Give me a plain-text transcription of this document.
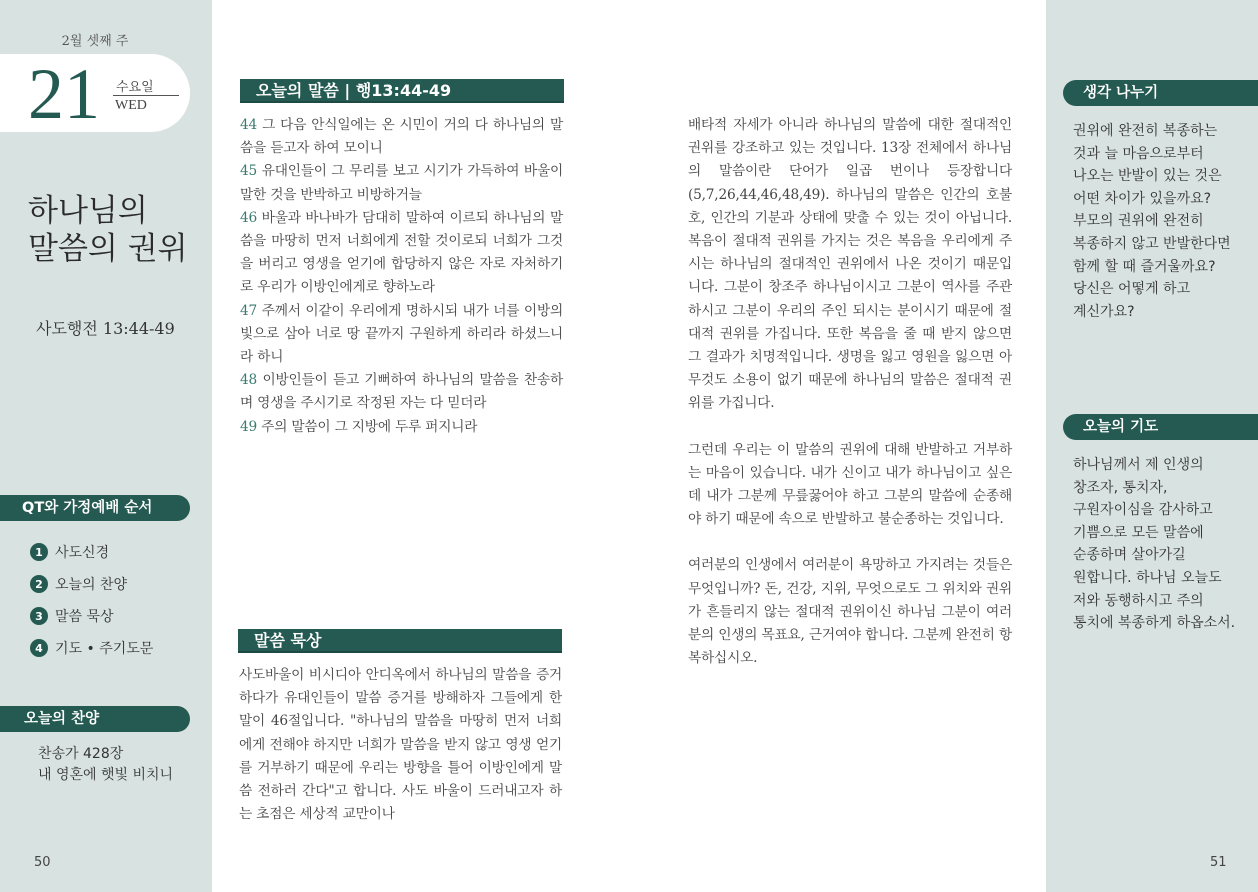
2월 셋째 주
21 수요일
WED
하나님의
말씀의 권위
사도행전 13:44-49
QT와 가정예배 순서
1 사도신경
2 오늘의 찬양
3 말씀 묵상
4 기도 • 주기도문
오늘의 찬양
찬송가 428장
내 영혼에 햇빛 비치니
50
오늘의 말씀 | 행13:44-49
44 그 다음 안식일에는 온 시민이 거의 다 하나님의 말씀을 듣고자 하여 모이니
45 유대인들이 그 무리를 보고 시기가 가득하여 바울이 말한 것을 반박하고 비방하거늘
46 바울과 바나바가 담대히 말하여 이르되 하나님의 말씀을 마땅히 먼저 너희에게 전할 것이로되 너희가 그것을 버리고 영생을 얻기에 합당하지 않은 자로 자처하기로 우리가 이방인에게로 향하노라
47 주께서 이같이 우리에게 명하시되 내가 너를 이방의 빛으로 삼아 너로 땅 끝까지 구원하게 하리라 하셨느니라 하니
48 이방인들이 듣고 기뻐하여 하나님의 말씀을 찬송하며 영생을 주시기로 작정된 자는 다 믿더라
49 주의 말씀이 그 지방에 두루 퍼지니라
말씀 묵상
사도바울이 비시디아 안디옥에서 하나님의 말씀을 증거하다가 유대인들이 말씀 증거를 방해하자 그들에게 한 말이 46절입니다. "하나님의 말씀을 마땅히 먼저 너희에게 전해야 하지만 너희가 말씀을 받지 않고 영생 얻기를 거부하기 때문에 우리는 방향을 틀어 이방인에게 말씀 전하러 간다"고 합니다. 사도 바울이 드러내고자 하는 초점은 세상적 교만이나

배타적 자세가 아니라 하나님의 말씀에 대한 절대적인 권위를 강조하고 있는 것입니다. 13장 전체에서 하나님의 말씀이란 단어가 일곱 번이나 등장합니다(5,7,26,44,46,48,49). 하나님의 말씀은 인간의 호불호, 인간의 기분과 상태에 맞출 수 있는 것이 아닙니다. 복음이 절대적 권위를 가지는 것은 복음을 우리에게 주시는 하나님의 절대적인 권위에서 나온 것이기 때문입니다. 그분이 창조주 하나님이시고 그분이 역사를 주관하시고 그분이 우리의 주인 되시는 분이시기 때문에 절대적 권위를 가집니다. 또한 복음을 줄 때 받지 않으면 그 결과가 치명적입니다. 생명을 잃고 영원을 잃으면 아무것도 소용이 없기 때문에 하나님의 말씀은 절대적 권위를 가집니다.

그런데 우리는 이 말씀의 권위에 대해 반발하고 거부하는 마음이 있습니다. 내가 신이고 내가 하나님이고 싶은데 내가 그분께 무릎꿇어야 하고 그분의 말씀에 순종해야 하기 때문에 속으로 반발하고 불순종하는 것입니다.

여러분의 인생에서 여러분이 욕망하고 가지려는 것들은 무엇입니까? 돈, 건강, 지위, 무엇으로도 그 위치와 권위가 흔들리지 않는 절대적 권위이신 하나님 그분이 여러분의 인생의 목표요, 근거여야 합니다. 그분께 완전히 항복하십시오.

생각 나누기
권위에 완전히 복종하는
것과 늘 마음으로부터
나오는 반발이 있는 것은
어떤 차이가 있을까요?
부모의 권위에 완전히
복종하지 않고 반발한다면
함께 할 때 즐거울까요?
당신은 어떻게 하고
계신가요?
오늘의 기도
하나님께서 제 인생의
창조자, 통치자,
구원자이심을 감사하고
기쁨으로 모든 말씀에
순종하며 살아가길
원합니다. 하나님 오늘도
저와 동행하시고 주의
통치에 복종하게 하옵소서.
51
